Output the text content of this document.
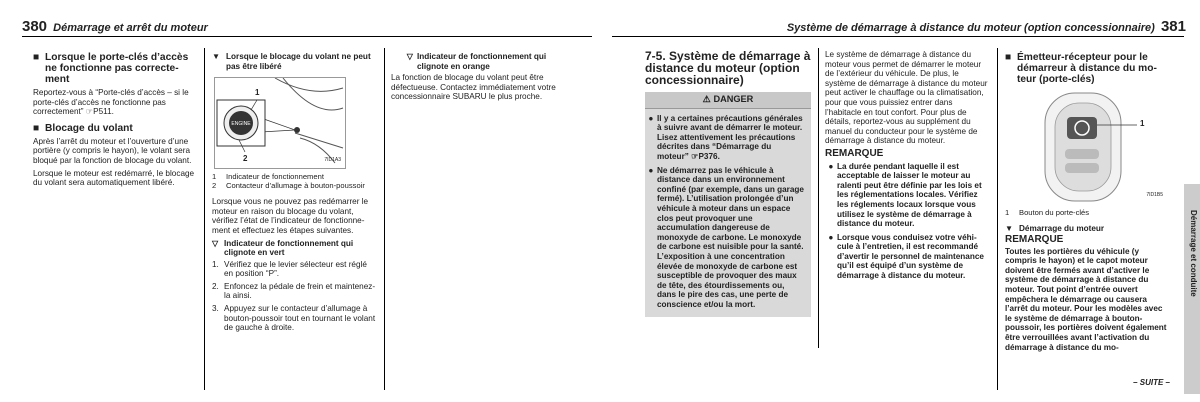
380 Démarrage et arrêt du moteur
■ Lorsque le porte-clés d’accès ne fonctionne pas correctement

Reportez-vous à “Porte-clés d’accès – si le porte-clés d’accès ne fonctionne pas correctement” ☞P511.

■ Blocage du volant

Après l’arrêt du moteur et l’ouverture d’une portière (y compris le hayon), le volant sera bloqué par la fonction de blocage du volant.

Lorsque le moteur est redémarré, le blocage du volant sera automatiquement libéré.

▼ Lorsque le blocage du volant ne peut pas être libéré
ENGINE
1
2	7ID1A3
1	Indicateur de fonctionnement
2	Contacteur d’allumage à bouton-poussoir

Lorsque vous ne pouvez pas redémarrer le moteur en raison du blocage du volant, vérifiez l’état de l’indicateur de fonctionnement et effectuez les étapes suivantes.

▽ Indicateur de fonctionnement qui clignote en vert
1. Vérifiez que le levier sélecteur est réglé en position “P”.
2. Enfoncez la pédale de frein et maintenez-la ainsi.
3. Appuyez sur le contacteur d’allumage à bouton-poussoir tout en tournant le volant de gauche à droite.
▽ Indicateur de fonctionnement qui clignote en orange

La fonction de blocage du volant peut être défectueuse. Contactez immédiatement votre concessionnaire SUBARU le plus proche.

Système de démarrage à distance du moteur (option concessionnaire) 381
7-5. Système de démarrage à distance du moteur (option concessionnaire)
⚠ DANGER
● Il y a certaines précautions générales à suivre avant de démarrer le moteur. Lisez attentivement les précautions décrites dans “Démarrage du moteur” ☞P376.
● Ne démarrez pas le véhicule à distance dans un environnement confiné (par exemple, dans un garage fermé). L’utilisation prolongée d’un véhicule à moteur dans un espace clos peut provoquer une accumulation dangereuse de monoxyde de carbone. Le monoxyde de carbone est nuisible pour la santé. L’exposition à une concentration élevée de monoxyde de carbone est susceptible de provoquer des maux de tête, des étourdissements ou, dans le pire des cas, une perte de conscience et/ou la mort.

Le système de démarrage à distance du moteur vous permet de démarrer le moteur de l’extérieur du véhicule. De plus, le système de démarrage à distance du moteur peut activer le chauffage ou la climatisation, pour que vous puissiez entrer dans l’habitacle en tout confort. Pour plus de détails, reportez-vous au supplément du manuel du conducteur pour le système de démarrage à distance du moteur.

REMARQUE
● La durée pendant laquelle il est acceptable de laisser le moteur au ralenti peut être définie par les lois et les réglementations locales. Vérifiez les réglements locaux lorsque vous utilisez le système de démarrage à distance du moteur.
● Lorsque vous conduisez votre véhicule à l’entretien, il est recommandé d’avertir le personnel de maintenance qu’il est équipé d’un système de démarrage à distance du moteur.
■ Émetteur-récepteur pour le démarreur à distance du moteur (porte-clés)
1
7ID1B5
1	Bouton du porte-clés
▼ Démarrage du moteur
REMARQUE

Toutes les portières du véhicule (y compris le hayon) et le capot moteur doivent être fermés avant d’activer le système de démarrage à distance du moteur. Tout point d’entrée ouvert empêchera le démarrage ou causera l’arrêt du moteur. Pour les modèles avec le système de démarrage à bouton-poussoir, les portières doivent également être verrouillées avant l’activation du démarrage à distance du mo-

– SUITE –
Démarrage et conduite
